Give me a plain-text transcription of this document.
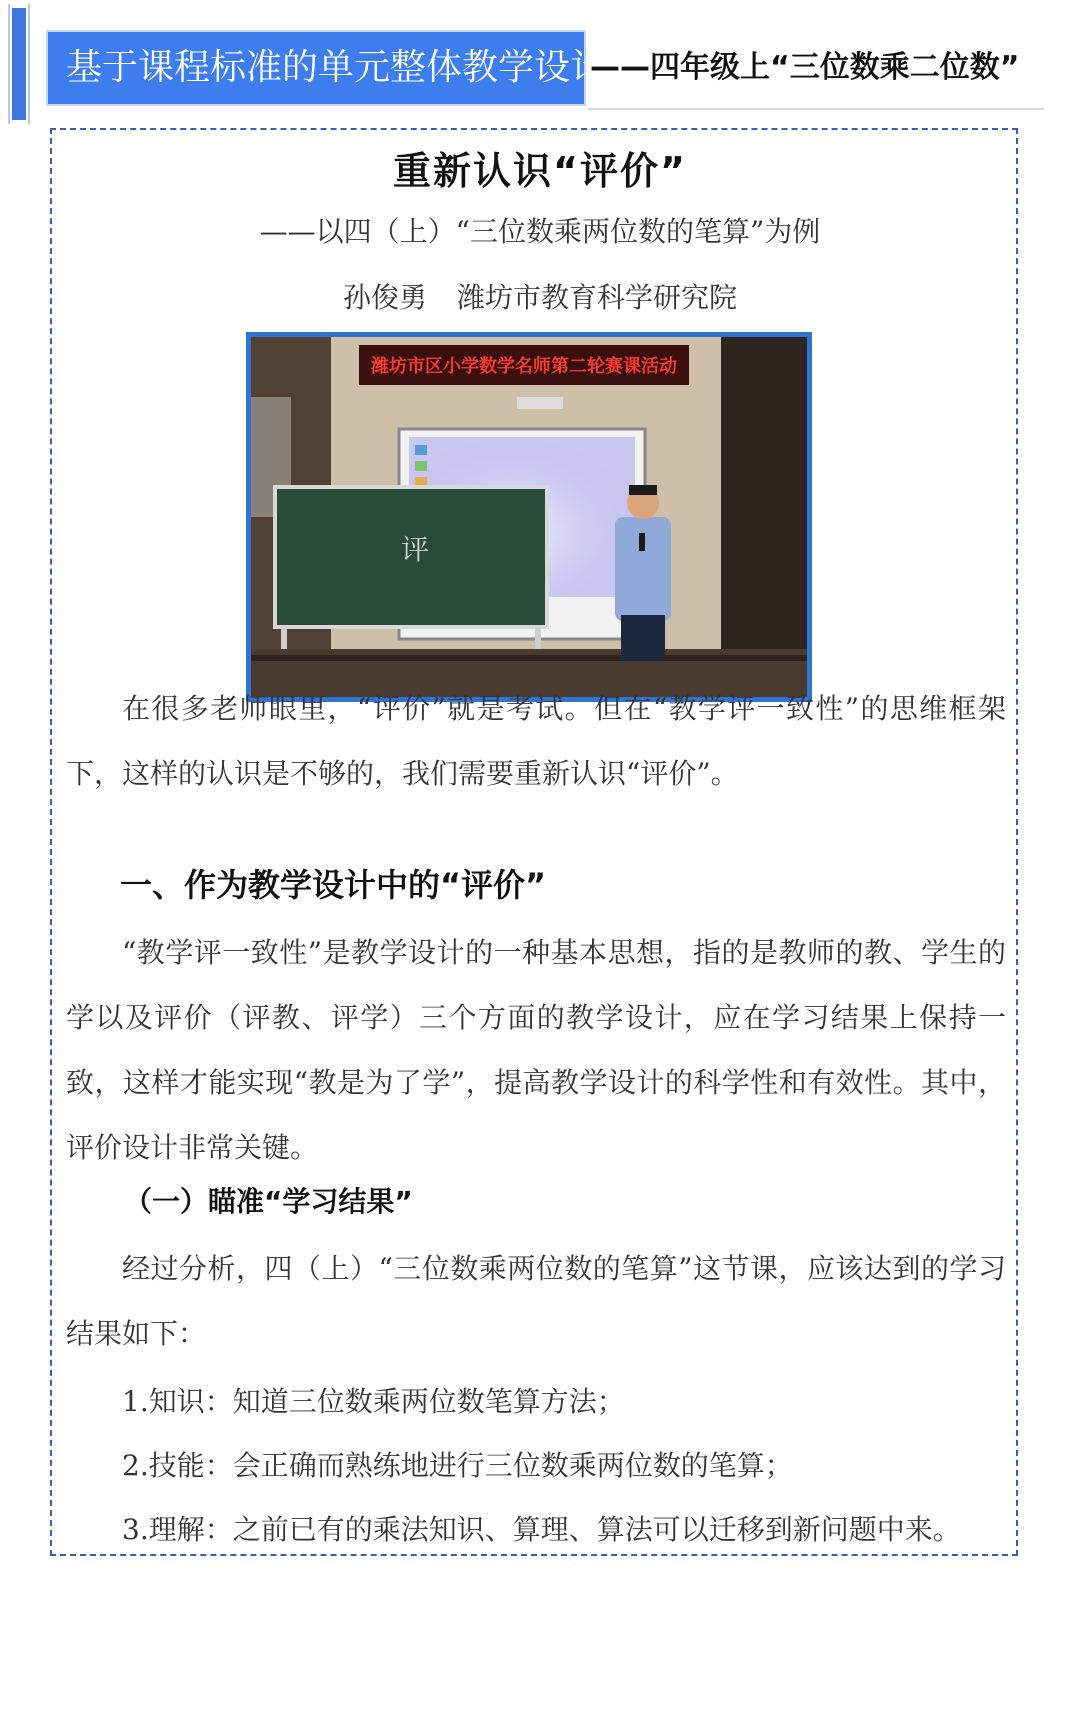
基于课程标准的单元整体教学设计
——四年级上“三位数乘二位数”
重新认识“评价”
——以四（上）“三位数乘两位数的笔算”为例
孙俊勇 潍坊市教育科学研究院
潍坊市区小学数学名师第二轮赛课活动
评

在很多老师眼里，“评价”就是考试。但在“教学评一致性”的思维框架下，这样的认识是不够的，我们需要重新认识“评价”。

一、作为教学设计中的“评价”

“教学评一致性”是教学设计的一种基本思想，指的是教师的教、学生的学以及评价（评教、评学）三个方面的教学设计，应在学习结果上保持一致，这样才能实现“教是为了学”，提高教学设计的科学性和有效性。其中，评价设计非常关键。

（一）瞄准“学习结果”

经过分析，四（上）“三位数乘两位数的笔算”这节课，应该达到的学习结果如下：

1.知识：知道三位数乘两位数笔算方法；
2.技能：会正确而熟练地进行三位数乘两位数的笔算；
3.理解：之前已有的乘法知识、算理、算法可以迁移到新问题中来。
